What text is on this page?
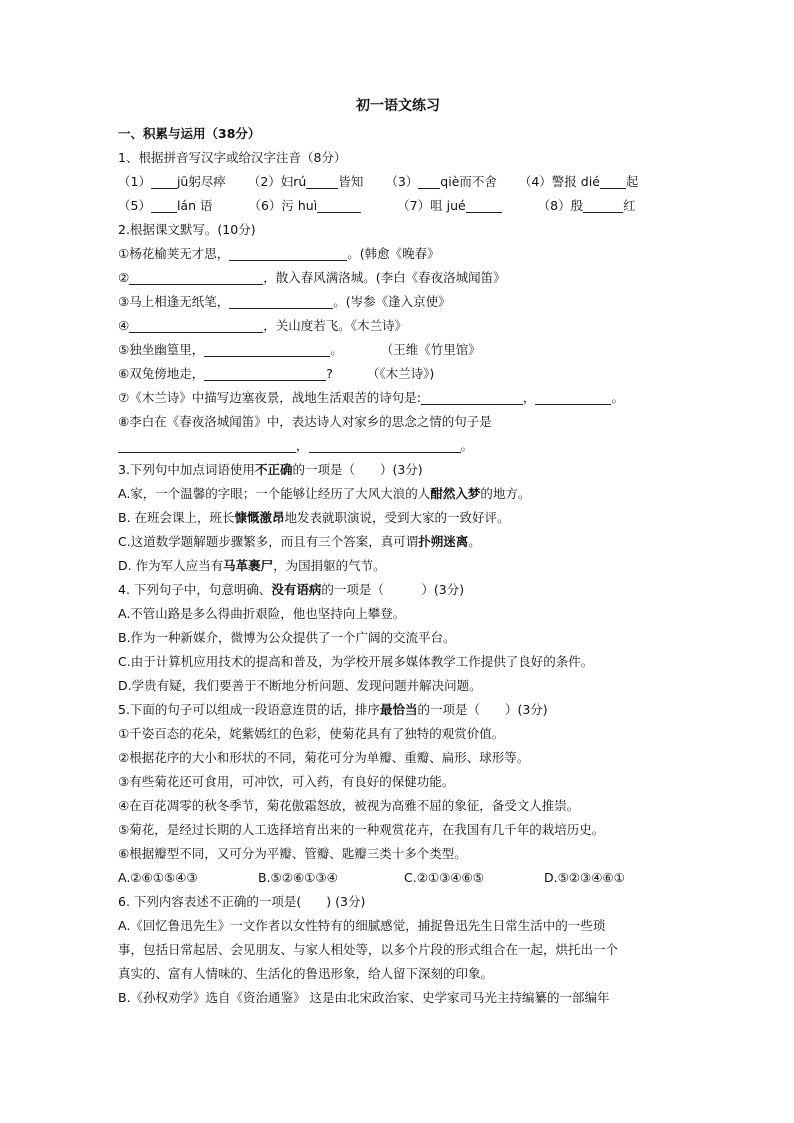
初一语文练习
一、积累与运用（38分）
1、根据拼音写汉字或给汉字注音（8分）
（1） jū躬尽瘁 （2）妇rú	皆知 （3） qiè而不舍 （4）警报 dié 起
（5） lán 语	（6）污 huì	（7）咀 jué	（8）殷	红
2.根据课文默写。(10分)
①杨花榆荚无才思，	。(韩愈《晚春》
②	，散入春风满洛城。(李白《春夜洛城闻笛》
③马上相逢无纸笔，	。(岑参《逢入京使》
④	，关山度若飞。《木兰诗》
⑤独坐幽篁里，	。	（王维《竹里馆》
⑥双兔傍地走，	?	（《木兰诗》)
⑦《木兰诗》中描写边塞夜景，战地生活艰苦的诗句是:	，	。
⑧李白在《春夜洛城闻笛》中，表达诗人对家乡的思念之情的句子是
，	。
3.下列句中加点词语使用不正确的一项是（　　）(3分)
A.家，一个温馨的字眼；一个能够让经历了大风大浪的人酣然入梦的地方。
B. 在班会课上，班长慷慨激昂地发表就职演说，受到大家的一致好评。
C.这道数学题解题步骤繁多，而且有三个答案，真可谓扑朔迷离。
D. 作为军人应当有马革裹尸，为国捐躯的气节。
4. 下列句子中，句意明确、没有语病的一项是（　　　）(3分)
A.不管山路是多么得曲折艰险，他也坚持向上攀登。
B.作为一种新媒介，微博为公众提供了一个广阔的交流平台。
C.由于计算机应用技术的提高和普及，为学校开展多媒体教学工作提供了良好的条件。
D.学贵有疑，我们要善于不断地分析问题、发现问题并解决问题。
5.下面的句子可以组成一段语意连贯的话，排序最恰当的一项是（　　）(3分)
①千姿百态的花朵，姹紫嫣红的色彩，使菊花具有了独特的观赏价值。
②根据花序的大小和形状的不同，菊花可分为单瓣、重瓣、扁形、球形等。
③有些菊花还可食用，可冲饮，可入药，有良好的保健功能。
④在百花凋零的秋冬季节，菊花傲霜怒放，被视为高雅不屈的象征，备受文人推崇。
⑤菊花，是经过长期的人工选择培育出来的一种观赏花卉，在我国有几千年的栽培历史。
⑥根据瓣型不同，又可分为平瓣、管瓣、匙瓣三类十多个类型。
A.②⑥①⑤④③	B.⑤②⑥①③④	C.②①③④⑥⑤	D.⑤②③④⑥①
6. 下列内容表述不正确的一项是(　　) (3分)
A.《回忆鲁迅先生》一文作者以女性特有的细腻感觉，捕捉鲁迅先生日常生活中的一些琐
事，包括日常起居、会见朋友、与家人相处等，以多个片段的形式组合在一起，烘托出一个
真实的、富有人情味的、生活化的鲁迅形象，给人留下深刻的印象。
B.《孙权劝学》选自《资治通鉴》 这是由北宋政治家、史学家司马光主持编纂的一部编年
